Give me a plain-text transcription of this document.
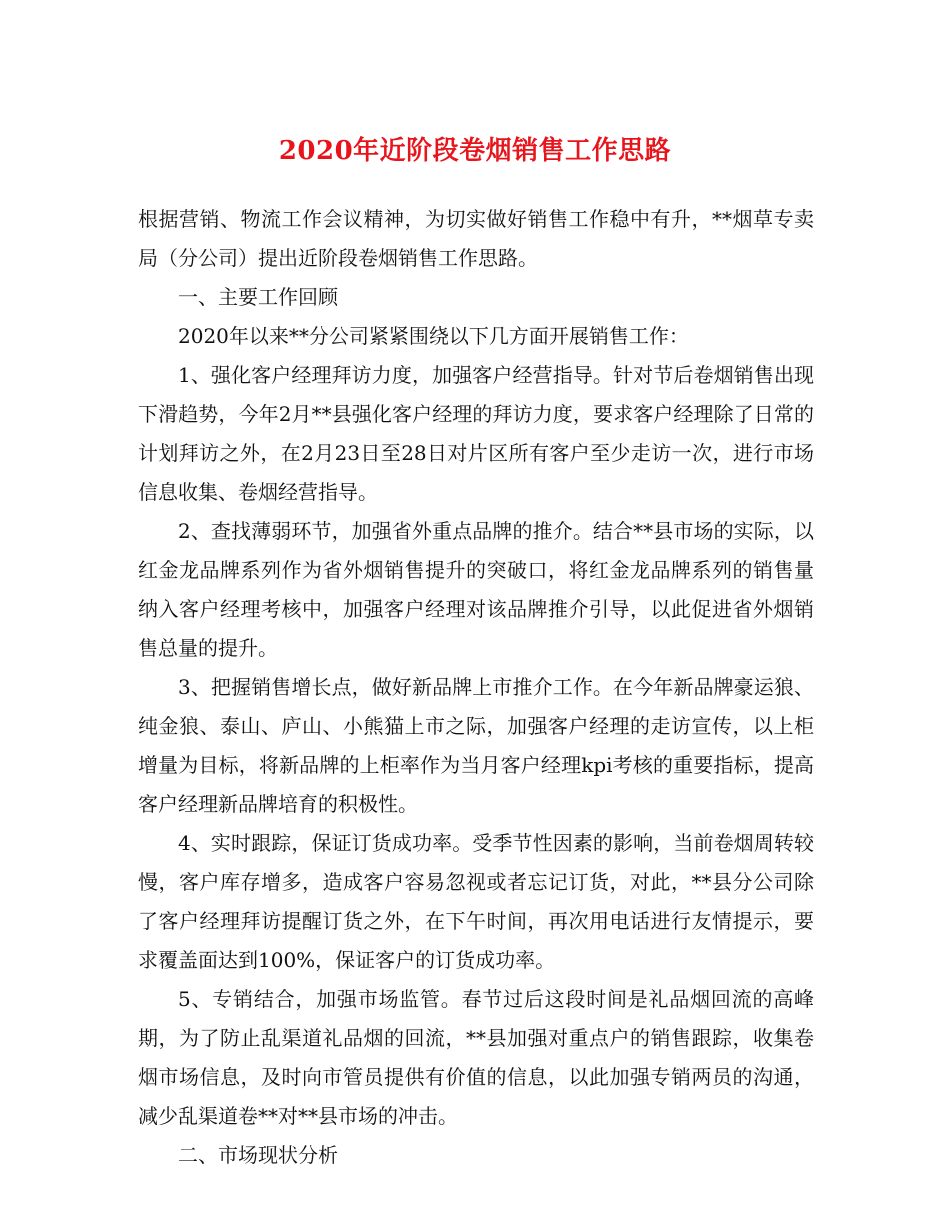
2020年近阶段卷烟销售工作思路

根据营销、物流工作会议精神，为切实做好销售工作稳中有升，**烟草专卖局（分公司）提出近阶段卷烟销售工作思路。

一、主要工作回顾

2020年以来**分公司紧紧围绕以下几方面开展销售工作：

1、强化客户经理拜访力度，加强客户经营指导。针对节后卷烟销售出现下滑趋势，今年2月**县强化客户经理的拜访力度，要求客户经理除了日常的计划拜访之外，在2月23日至28日对片区所有客户至少走访一次，进行市场信息收集、卷烟经营指导。

2、查找薄弱环节，加强省外重点品牌的推介。结合**县市场的实际，以红金龙品牌系列作为省外烟销售提升的突破口，将红金龙品牌系列的销售量纳入客户经理考核中，加强客户经理对该品牌推介引导，以此促进省外烟销售总量的提升。

3、把握销售增长点，做好新品牌上市推介工作。在今年新品牌豪运狼、纯金狼、泰山、庐山、小熊猫上市之际，加强客户经理的走访宣传，以上柜增量为目标，将新品牌的上柜率作为当月客户经理kpi考核的重要指标，提高客户经理新品牌培育的积极性。

4、实时跟踪，保证订货成功率。受季节性因素的影响，当前卷烟周转较慢，客户库存增多，造成客户容易忽视或者忘记订货，对此，**县分公司除了客户经理拜访提醒订货之外，在下午时间，再次用电话进行友情提示，要求覆盖面达到100%，保证客户的订货成功率。

5、专销结合，加强市场监管。春节过后这段时间是礼品烟回流的高峰期，为了防止乱渠道礼品烟的回流，**县加强对重点户的销售跟踪，收集卷烟市场信息，及时向市管员提供有价值的信息，以此加强专销两员的沟通，减少乱渠道卷**对**县市场的冲击。

二、市场现状分析
